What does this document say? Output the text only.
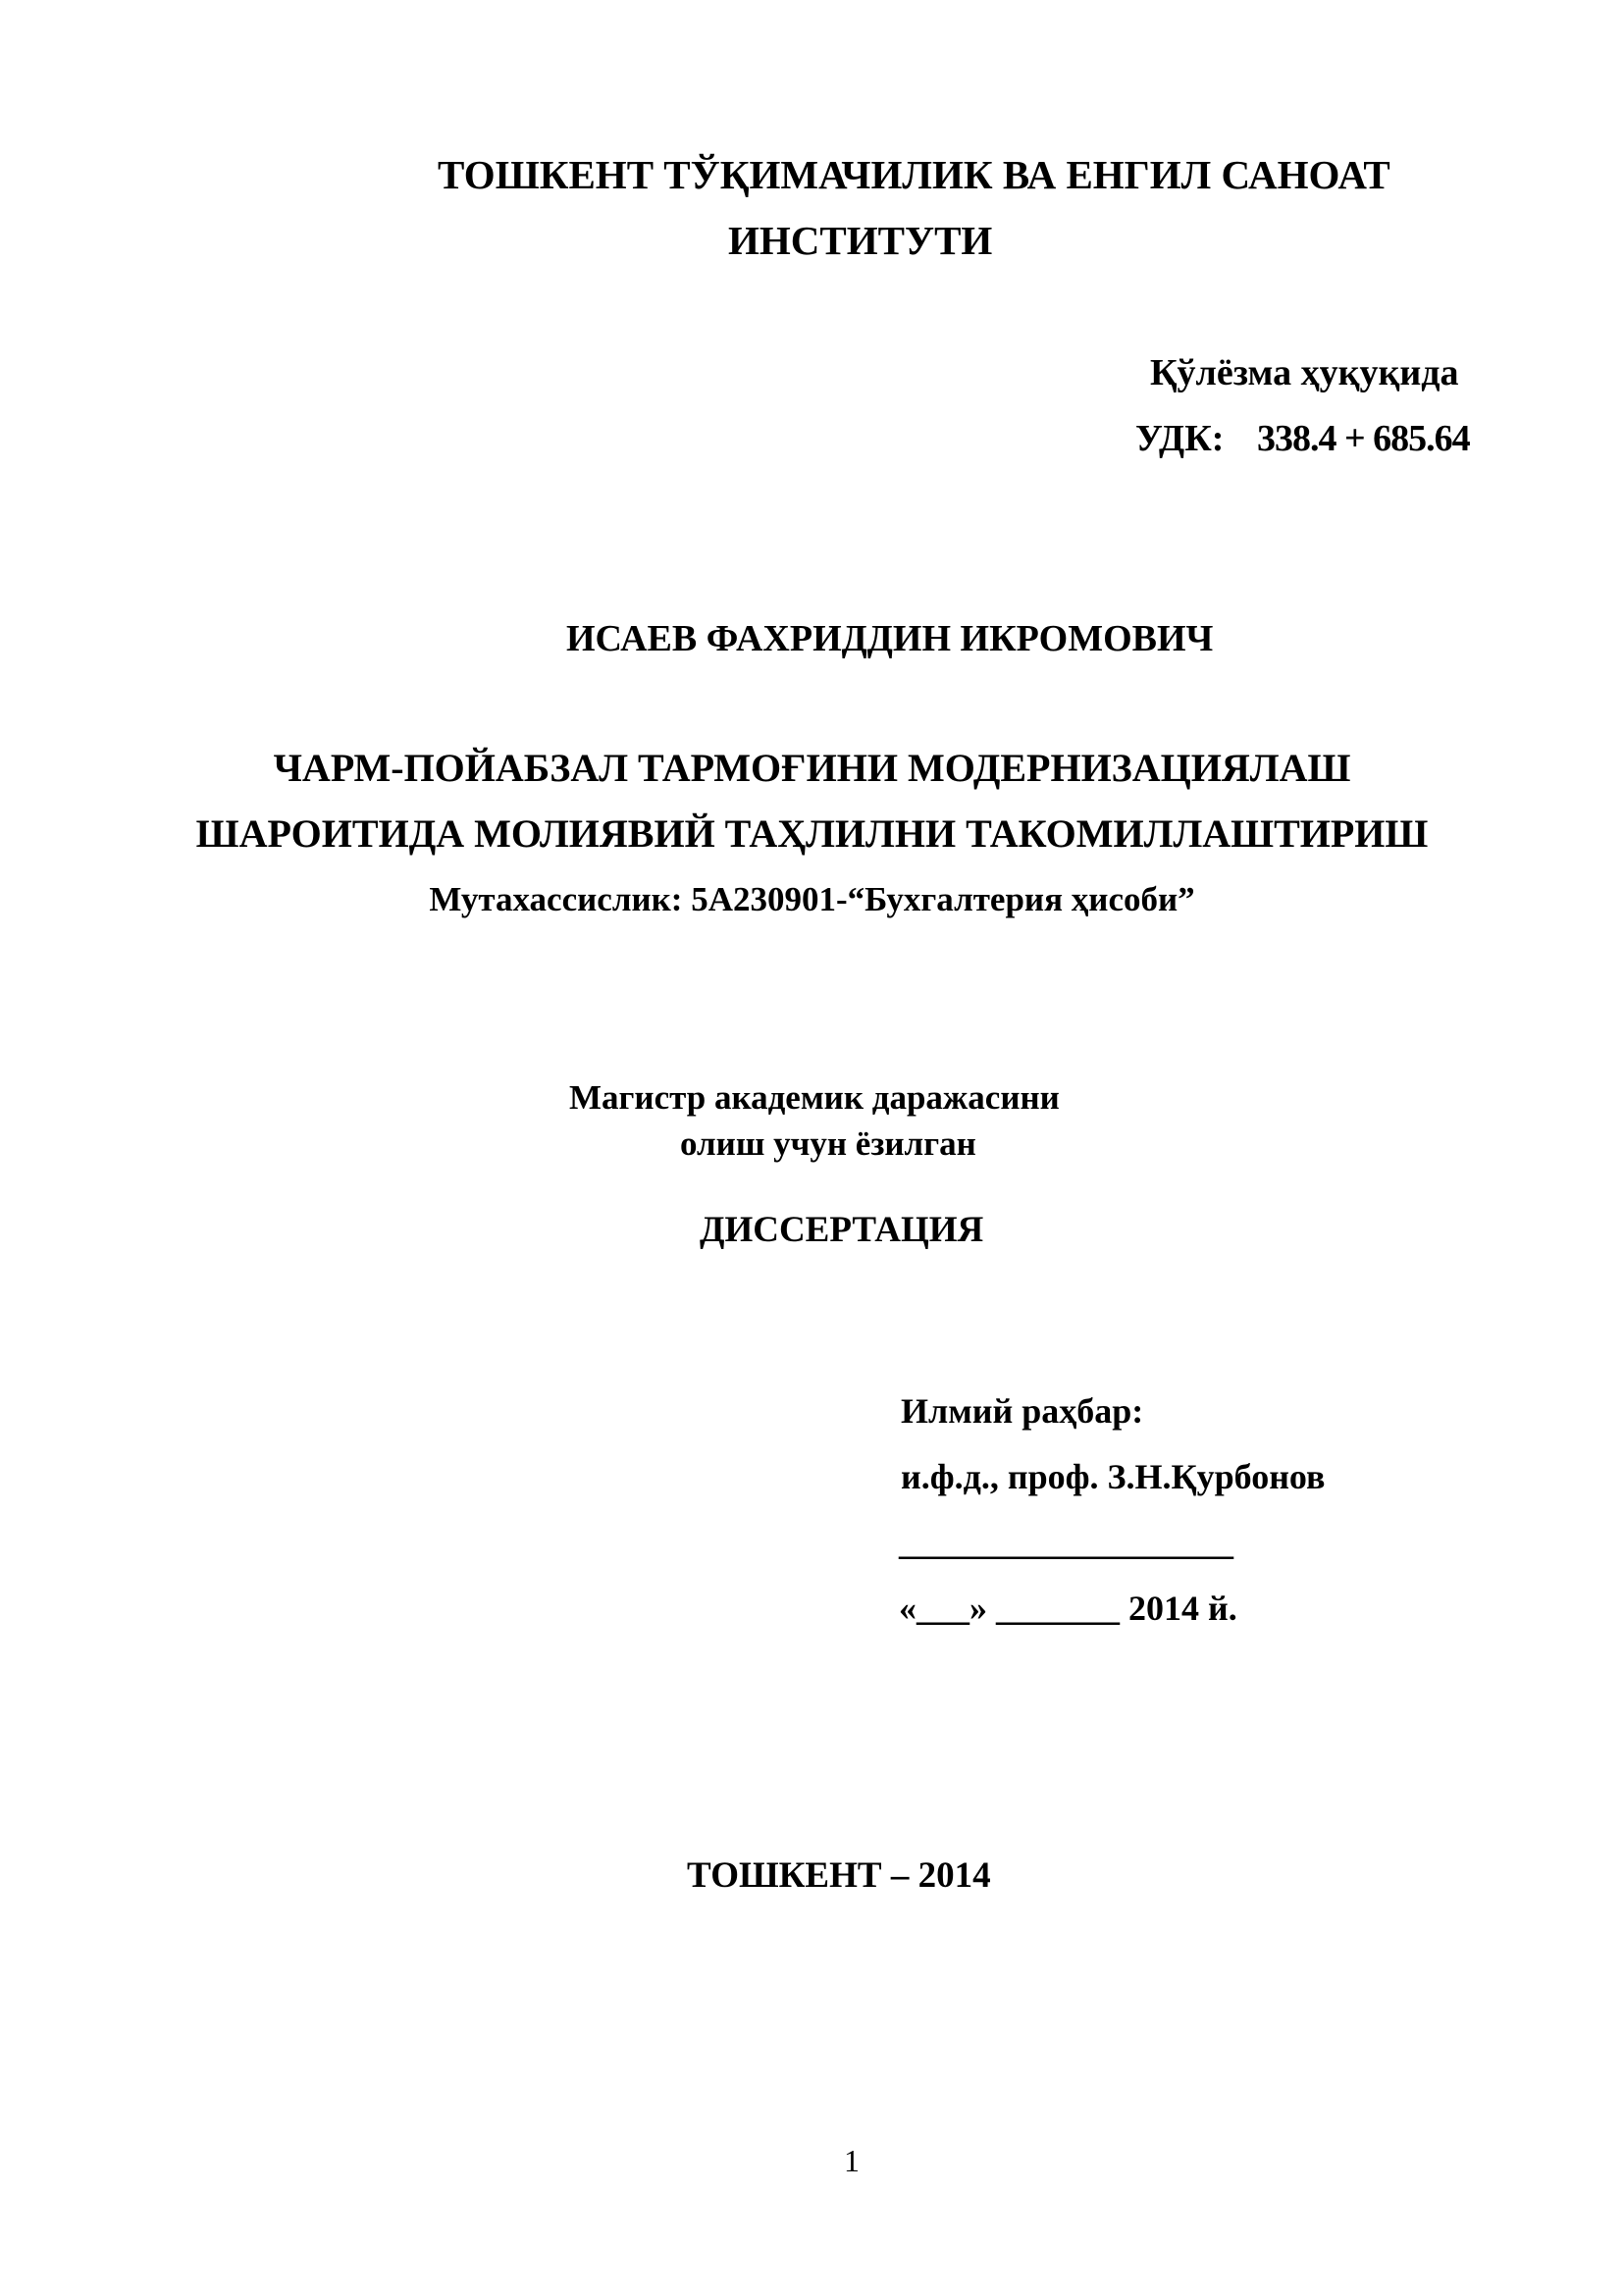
ТОШКЕНТ ТЎҚИМАЧИЛИК ВА ЕНГИЛ САНОАТ
ИНСТИТУТИ
Қўлёзма ҳуқуқида
УДК: 338.4 + 685.64
ИСАЕВ ФАХРИДДИН ИКРОМОВИЧ
ЧАРМ-ПОЙАБЗАЛ ТАРМОҒИНИ МОДЕРНИЗАЦИЯЛАШ
ШАРОИТИДА МОЛИЯВИЙ ТАҲЛИЛНИ ТАКОМИЛЛАШТИРИШ
Мутахассислик: 5А230901-“Бухгалтерия ҳисоби”
Магистр академик даражасини
олиш учун ёзилган
ДИССЕРТАЦИЯ
Илмий раҳбар:
и.ф.д., проф. З.Н.Қурбонов
____________________
«___» _______ 2014 й.
ТОШКЕНТ – 2014
1
